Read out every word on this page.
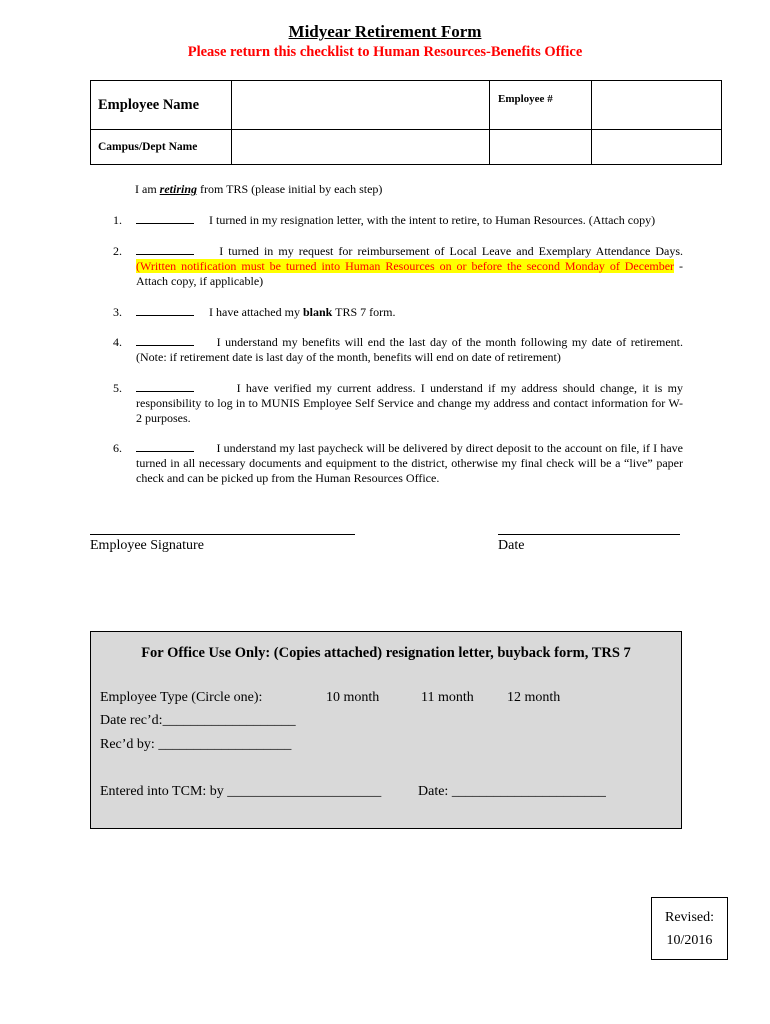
Midyear Retirement Form
Please return this checklist to Human Resources-Benefits Office
Employee Name		Employee #	
Campus/Dept Name			
I am retiring from TRS (please initial by each step)
1.	I turned in my resignation letter, with the intent to retire, to Human Resources. (Attach copy)
2.	I turned in my request for reimbursement of Local Leave and Exemplary Attendance Days. (Written notification must be turned into Human Resources on or before the second Monday of December - Attach copy, if applicable)
3.	I have attached my blank TRS 7 form.
4.	I understand my benefits will end the last day of the month following my date of retirement. (Note: if retirement date is last day of the month, benefits will end on date of retirement)
5.	I have verified my current address. I understand if my address should change, it is my responsibility to log in to MUNIS Employee Self Service and change my address and contact information for W-2 purposes.
6.	I understand my last paycheck will be delivered by direct deposit to the account on file, if I have turned in all necessary documents and equipment to the district, otherwise my final check will be a “live” paper check and can be picked up from the Human Resources Office.
Employee Signature	Date
For Office Use Only: (Copies attached) resignation letter, buyback form, TRS 7
Employee Type (Circle one):	10 month	11 month 12 month
Date rec’d:___________________
Rec’d by: ___________________
Entered into TCM: by ______________________	Date: ______________________
Revised:
10/2016
